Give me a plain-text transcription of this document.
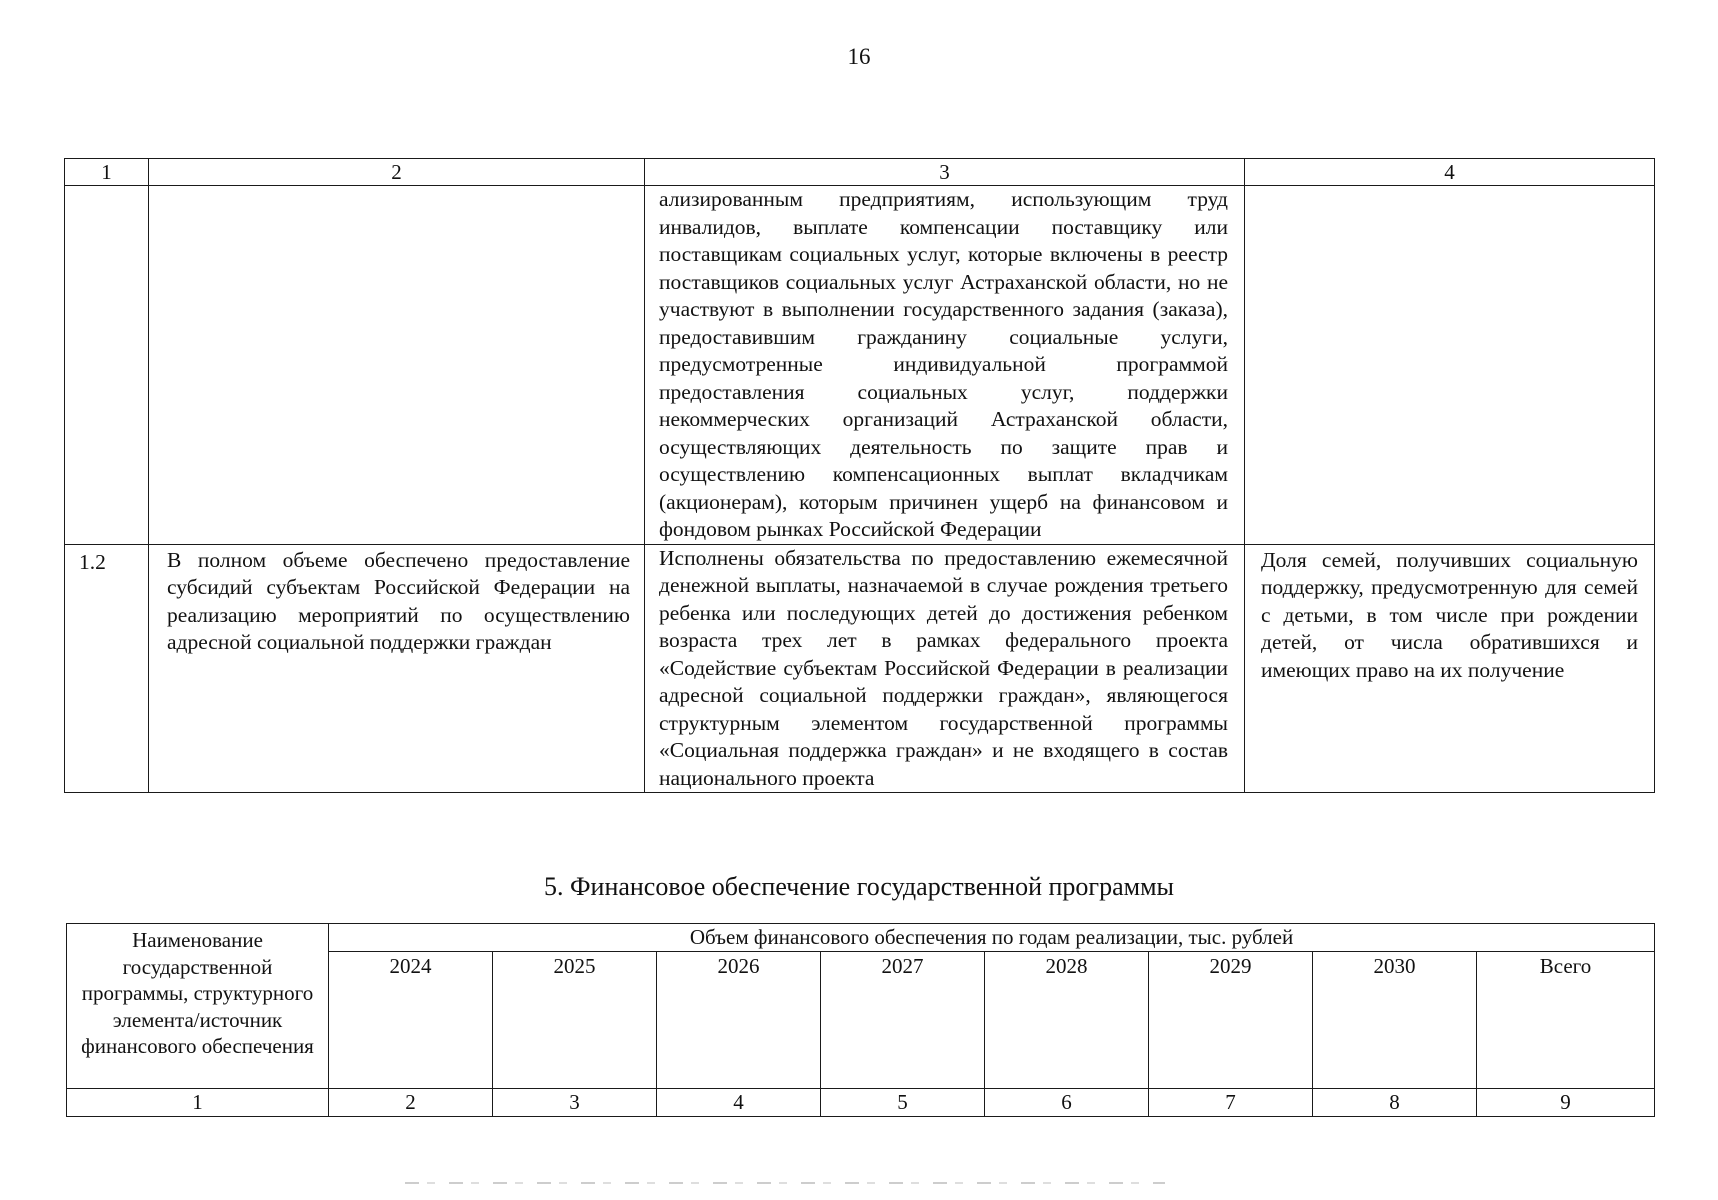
16
1	2	3	4
		ализированным предприятиям, использующим труд инвалидов, выплате компенсации поставщику или поставщикам социальных услуг, которые включены в реестр поставщиков социальных услуг Астраханской области, но не участвуют в выполнении государственного задания (заказа), предоставившим гражданину социальные услуги, предусмотренные индивидуальной программой предоставления социальных услуг, поддержки некоммерческих организаций Астраханской области, осуществляющих деятельность по защите прав и осуществлению компенсационных выплат вкладчикам (акционерам), которым причинен ущерб на финансовом и фондовом рынках Российской Федерации	
1.2	В полном объеме обеспечено предоставление субсидий субъектам Российской Федерации на реализацию мероприятий по осуществлению адресной социальной поддержки граждан	Исполнены обязательства по предоставлению ежемесячной денежной выплаты, назначаемой в случае рождения третьего ребенка или последующих детей до достижения ребенком возраста трех лет в рамках федерального проекта «Содействие субъектам Российской Федерации в реализации адресной социальной поддержки граждан», являющегося структурным элементом государственной программы «Социальная поддержка граждан» и не входящего в состав национального проекта	Доля семей, получивших социальную поддержку, предусмотренную для семей с детьми, в том числе при рождении детей, от числа обратившихся и имеющих право на их получение
5. Финансовое обеспечение государственной программы
Наименование государственной программы, структурного элемента/источник финансового обеспечения	Объем финансового обеспечения по годам реализации, тыс. рублей							
	2024	2025	2026	2027	2028	2029	2030	Всего
1	2	3	4	5	6	7	8	9
